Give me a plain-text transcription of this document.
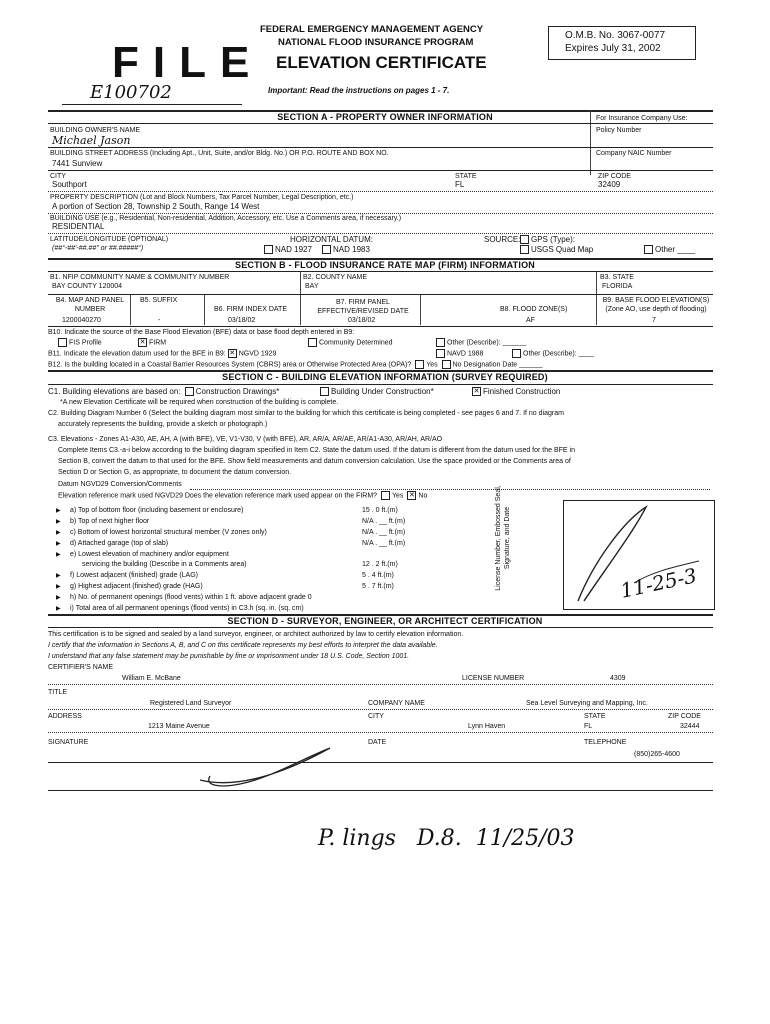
FILE
E100702
FEDERAL EMERGENCY MANAGEMENT AGENCY
NATIONAL FLOOD INSURANCE PROGRAM
ELEVATION CERTIFICATE
O.M.B. No. 3067-0077
Expires July 31, 2002
Important: Read the instructions on pages 1 - 7.
SECTION A - PROPERTY OWNER INFORMATION	For Insurance Company Use:
BUILDING OWNER'S NAME
Michael Jason
Policy Number
BUILDING STREET ADDRESS (Including Apt., Unit, Suite, and/or Bldg. No.) OR P.O. ROUTE AND BOX NO.
7441 Sunview
Company NAIC Number
CITY
Southport
STATE
FL
ZIP CODE
32409
PROPERTY DESCRIPTION (Lot and Block Numbers, Tax Parcel Number, Legal Description, etc.)
A portion of Section 28, Township 2 South, Range 14 West
BUILDING USE (e.g., Residential, Non-residential, Addition, Accessory, etc. Use a Comments area, if necessary.)
RESIDENTIAL
LATITUDE/LONGITUDE (OPTIONAL)
(##°-##'-##.##" or ##.#####°)
HORIZONTAL DATUM:
NAD 1927	NAD 1983
SOURCE:	GPS (Type):
USGS Quad Map	Other ____
SECTION B - FLOOD INSURANCE RATE MAP (FIRM) INFORMATION
B1. NFIP COMMUNITY NAME & COMMUNITY NUMBER
BAY COUNTY 120004
B2. COUNTY NAME
BAY
B3. STATE
FLORIDA
B4. MAP AND PANEL NUMBER
1200040270
B5. SUFFIX
-
B6. FIRM INDEX DATE
03/18/02
B7. FIRM PANEL EFFECTIVE/REVISED DATE
03/18/02
B8. FLOOD ZONE(S)
AF
B9. BASE FLOOD ELEVATION(S) (Zone AO, use depth of flooding)
7
B10. Indicate the source of the Base Flood Elevation (BFE) data or base flood depth entered in B9:
FIS Profile	✕ FIRM	Community Determined	Other (Describe): ______
B11. Indicate the elevation datum used for the BFE in B9: ✕ NGVD 1929	NAVD 1988	Other (Describe): ____
B12. Is the building located in a Coastal Barrier Resources System (CBRS) area or Otherwise Protected Area (OPA)? Yes No Designation Date ______
SECTION C - BUILDING ELEVATION INFORMATION (SURVEY REQUIRED)
C1. Building elevations are based on: Construction Drawings*	Building Under Construction*	✕ Finished Construction
*A new Elevation Certificate will be required when construction of the building is complete.
C2. Building Diagram Number 6 (Select the building diagram most similar to the building for which this certificate is being completed - see pages 6 and 7. If no diagram
accurately represents the building, provide a sketch or photograph.)
C3. Elevations - Zones A1-A30, AE, AH, A (with BFE), VE, V1-V30, V (with BFE), AR, AR/A, AR/AE, AR/A1-A30, AR/AH, AR/AO
Complete Items C3.-a-i below according to the building diagram specified in Item C2. State the datum used. If the datum is different from the datum used for the BFE in
Section B, convert the datum to that used for the BFE. Show field measurements and datum conversion calculation. Use the space provided or the Comments area of
Section D or Section G, as appropriate, to document the datum conversion.
Datum NGVD29 Conversion/Comments
Elevation reference mark used NGVD29 Does the elevation reference mark used appear on the FIRM? Yes ✕ No
▶ a) Top of bottom floor (including basement or enclosure)	15 . 0 ft.(m)
▶ b) Top of next higher floor	N/A . __ ft.(m)
▶ c) Bottom of lowest horizontal structural member (V zones only)	N/A . __ ft.(m)
▶ d) Attached garage (top of slab)	N/A . __ ft.(m)
▶ e) Lowest elevation of machinery and/or equipment
servicing the building (Describe in a Comments area)	12 . 2 ft.(m)
▶ f) Lowest adjacent (finished) grade (LAG)	5 . 4 ft.(m)
▶ g) Highest adjacent (finished) grade (HAG)	5 . 7 ft.(m)
▶ h) No. of permanent openings (flood vents) within 1 ft. above adjacent grade 0
▶ i) Total area of all permanent openings (flood vents) in C3.h (sq. in. (sq. cm)
11-25-3
License Number, Embossed Seal, Signature, and Date
SECTION D - SURVEYOR, ENGINEER, OR ARCHITECT CERTIFICATION
This certification is to be signed and sealed by a land surveyor, engineer, or architect authorized by law to certify elevation information.
I certify that the information in Sections A, B, and C on this certificate represents my best efforts to interpret the data available.
I understand that any false statement may be punishable by fine or imprisonment under 18 U.S. Code, Section 1001.
CERTIFIER'S NAME
William E. McBane	LICENSE NUMBER	4309
TITLE
Registered Land Surveyor	COMPANY NAME	Sea Level Surveying and Mapping, Inc.
ADDRESS
1213 Maine Avenue
CITY
Lynn Haven
STATE
FL
ZIP CODE
32444
SIGNATURE	DATE	TELEPHONE
(850)265-4600
P. lings   D.8.  11/25/03
